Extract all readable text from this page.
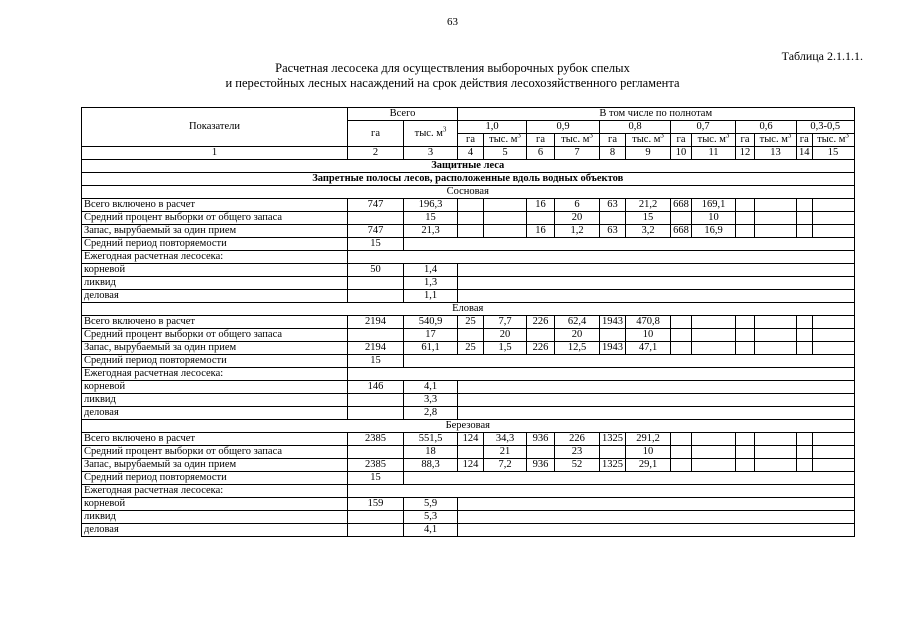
63
Таблица 2.1.1.1.
Расчетная лесосека для осуществления выборочных рубок спелых
и перестойных лесных насаждений на срок действия лесохозяйственного регламента
Показатели	Всего		В том числе по полнотам											
	га	тыс. $м^3$	1,0		0,9		0,8		0,7		0,6		0,3-0,5	
			га	тыс. $м^3$	га	тыс. $м^3$	га	тыс. $м^3$	га	тыс. $м^3$	га	тыс. $м^3$	га	тыс. $м^3$
1	2	3	4	5	6	7	8	9	10	11	12	13	14	15
Защитные леса														
Запретные полосы лесов, расположенные вдоль водных объектов														
Сосновая														
Всего включено в расчет	747	196,3			16	6	63	21,2	668	169,1				
Средний процент выборки от общего запаса		15				20		15		10				
Запас, вырубаемый за один прием	747	21,3			16	1,2	63	3,2	668	16,9				
Средний период повторяемости	15													
Ежегодная расчетная лесосека:														
корневой	50	1,4												
ликвид		1,3												
деловая		1,1												
Еловая														
Всего включено в расчет	2194	540,9	25	7,7	226	62,4	1943	470,8						
Средний процент выборки от общего запаса		17		20		20		10						
Запас, вырубаемый за один прием	2194	61,1	25	1,5	226	12,5	1943	47,1						
Средний период повторяемости	15													
Ежегодная расчетная лесосека:														
корневой	146	4,1												
ликвид		3,3												
деловая		2,8												
Березовая														
Всего включено в расчет	2385	551,5	124	34,3	936	226	1325	291,2						
Средний процент выборки от общего запаса		18		21		23		10						
Запас, вырубаемый за один прием	2385	88,3	124	7,2	936	52	1325	29,1						
Средний период повторяемости	15													
Ежегодная расчетная лесосека:														
корневой	159	5,9												
ликвид		5,3												
деловая		4,1												
